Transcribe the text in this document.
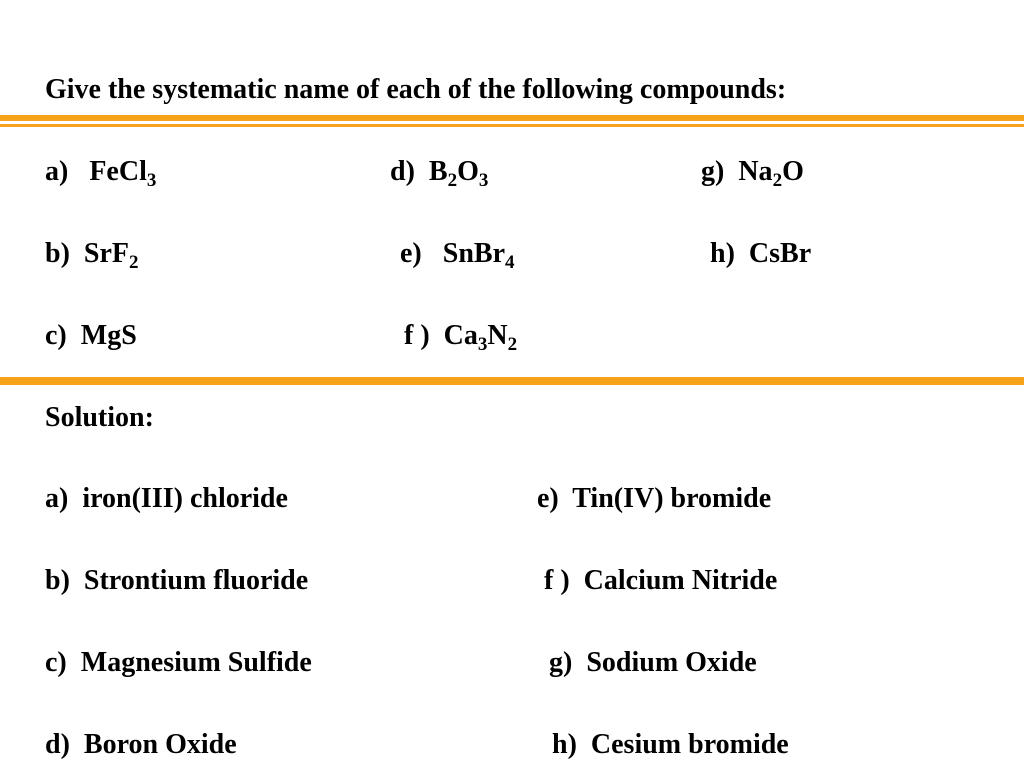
Give the systematic name of each of the following compounds:
a) FeCl$_3$	d) $B_2O_3$	g) $Na_2O$
b) SrF$_2$	e) SnBr$_4$	h) CsBr
c) MgS	f ) $Ca_3N_2$
Solution:
a) iron(III) chloride	e) Tin(IV) bromide
b) Strontium fluoride	f ) Calcium Nitride
c) Magnesium Sulfide	g) Sodium Oxide
d) Boron Oxide	h) Cesium bromide
